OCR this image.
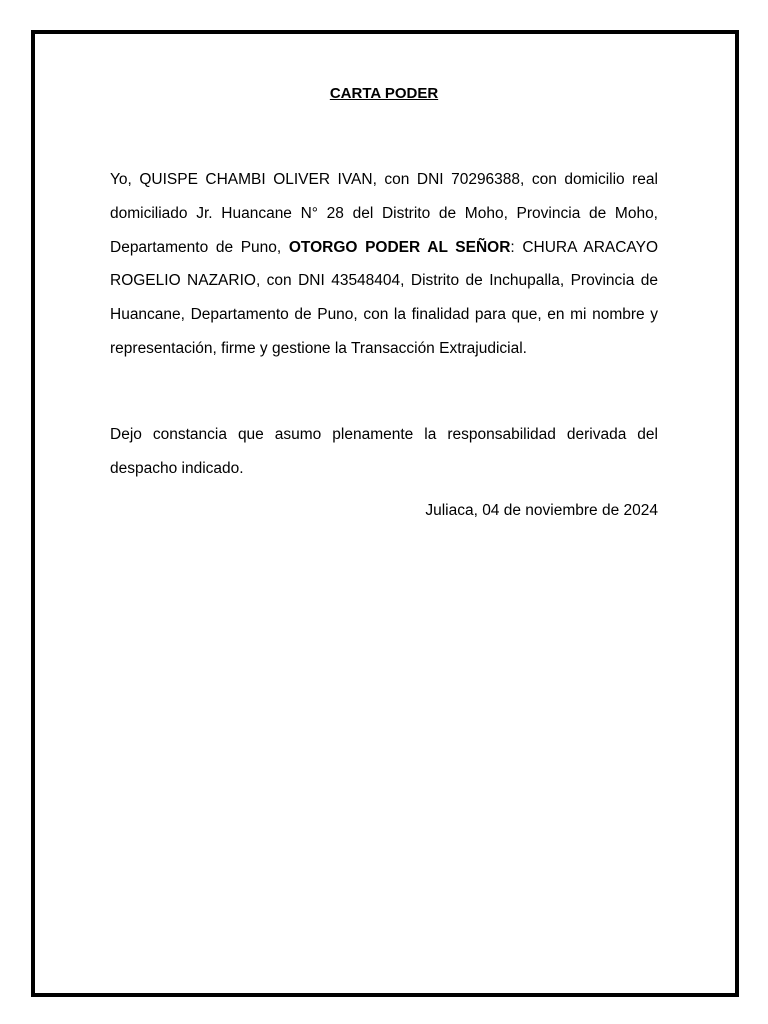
CARTA PODER

Yo, QUISPE CHAMBI OLIVER IVAN, con DNI 70296388, con domicilio real domiciliado Jr. Huancane N° 28 del Distrito de Moho, Provincia de Moho, Departamento de Puno, OTORGO PODER AL SEÑOR: CHURA ARACAYO ROGELIO NAZARIO, con DNI 43548404, Distrito de Inchupalla, Provincia de Huancane, Departamento de Puno, con la finalidad para que, en mi nombre y representación, firme y gestione la Transacción Extrajudicial.

Dejo constancia que asumo plenamente la responsabilidad derivada del despacho indicado.

Juliaca, 04 de noviembre de 2024
